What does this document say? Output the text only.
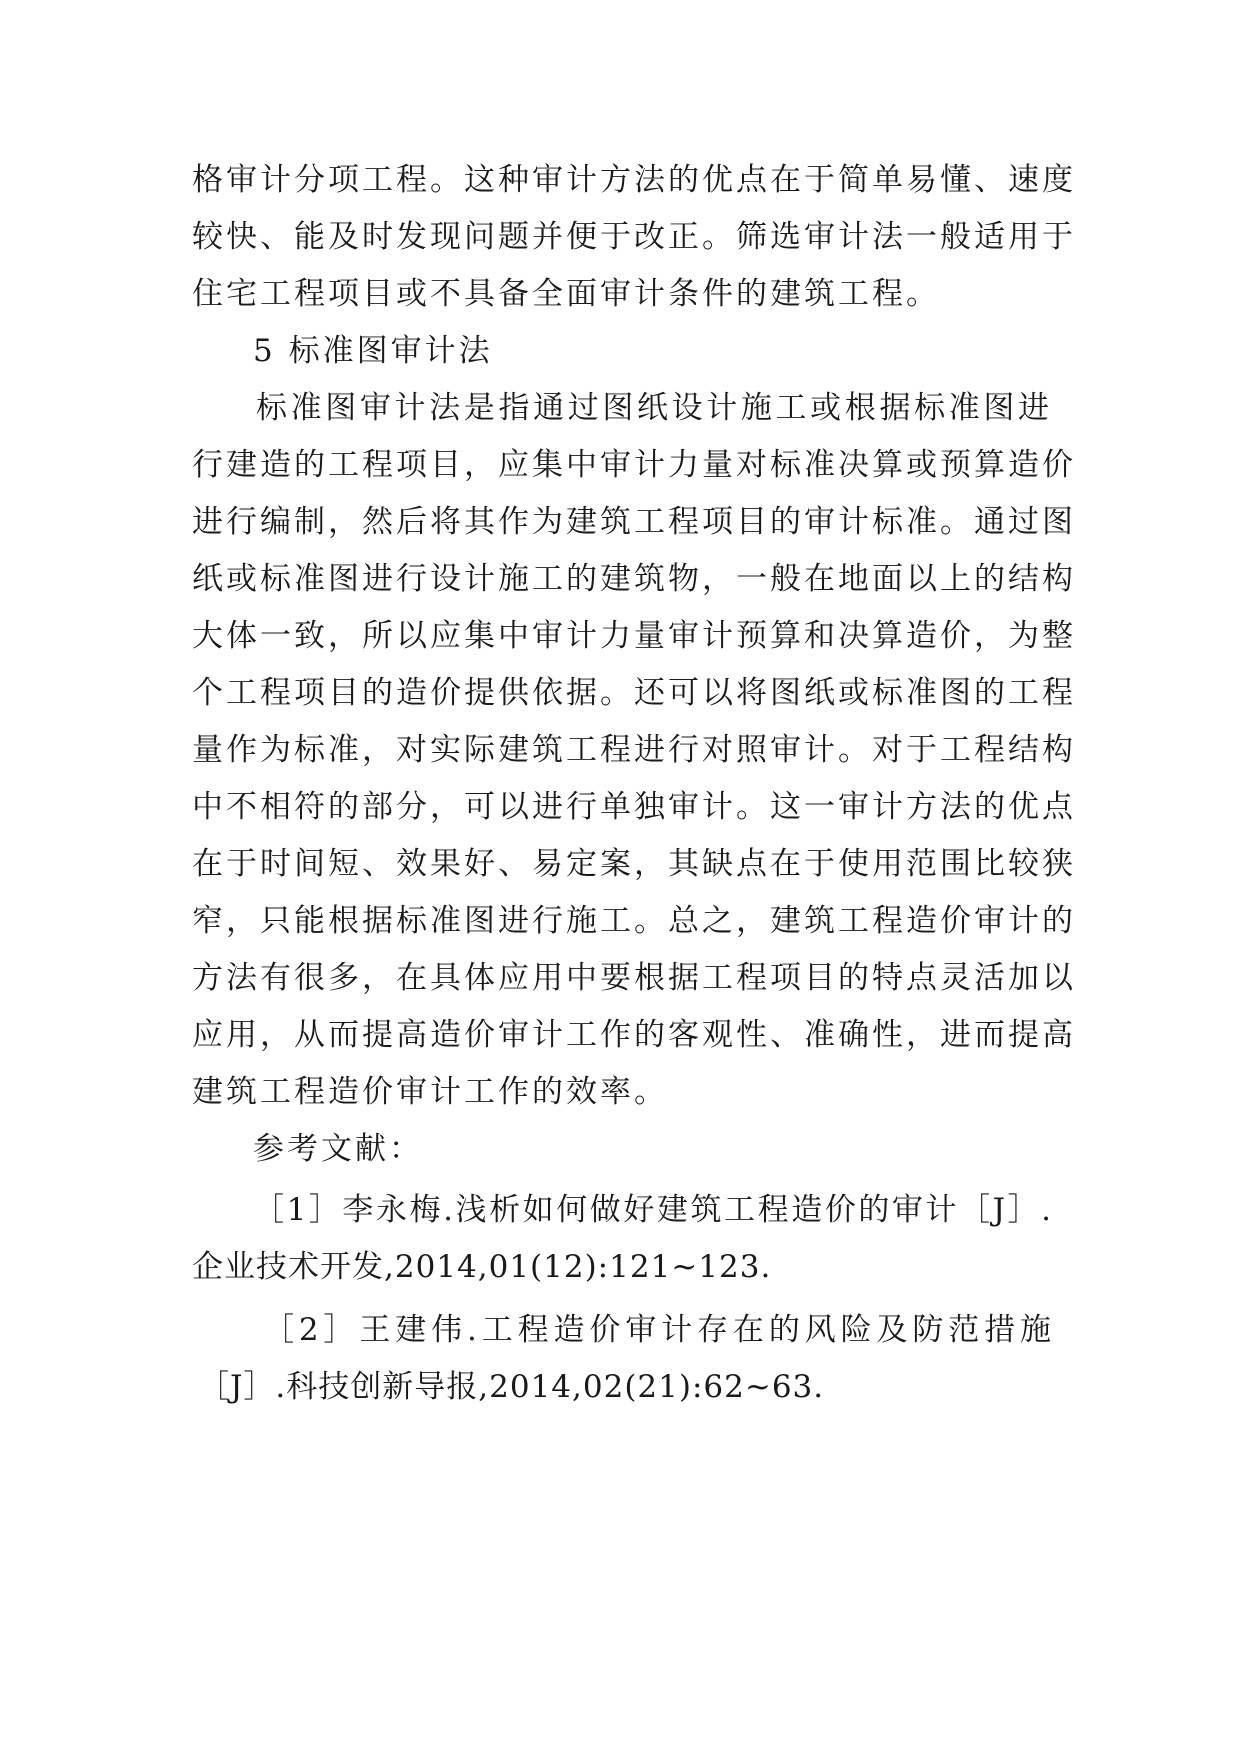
格审计分项工程。这种审计方法的优点在于简单易懂、速度
较快、能及时发现问题并便于改正。筛选审计法一般适用于
住宅工程项目或不具备全面审计条件的建筑工程。
5 标准图审计法
标准图审计法是指通过图纸设计施工或根据标准图进
行建造的工程项目，应集中审计力量对标准决算或预算造价
进行编制，然后将其作为建筑工程项目的审计标准。通过图
纸或标准图进行设计施工的建筑物，一般在地面以上的结构
大体一致，所以应集中审计力量审计预算和决算造价，为整
个工程项目的造价提供依据。还可以将图纸或标准图的工程
量作为标准，对实际建筑工程进行对照审计。对于工程结构
中不相符的部分，可以进行单独审计。这一审计方法的优点
在于时间短、效果好、易定案，其缺点在于使用范围比较狭
窄，只能根据标准图进行施工。总之，建筑工程造价审计的
方法有很多，在具体应用中要根据工程项目的特点灵活加以
应用，从而提高造价审计工作的客观性、准确性，进而提高
建筑工程造价审计工作的效率。
参考文献：
［1］李永梅.浅析如何做好建筑工程造价的审计［J］.
企业技术开发,2014,01(12):121~123.
［2］王建伟.工程造价审计存在的风险及防范措施
［J］.科技创新导报,2014,02(21):62~63.
